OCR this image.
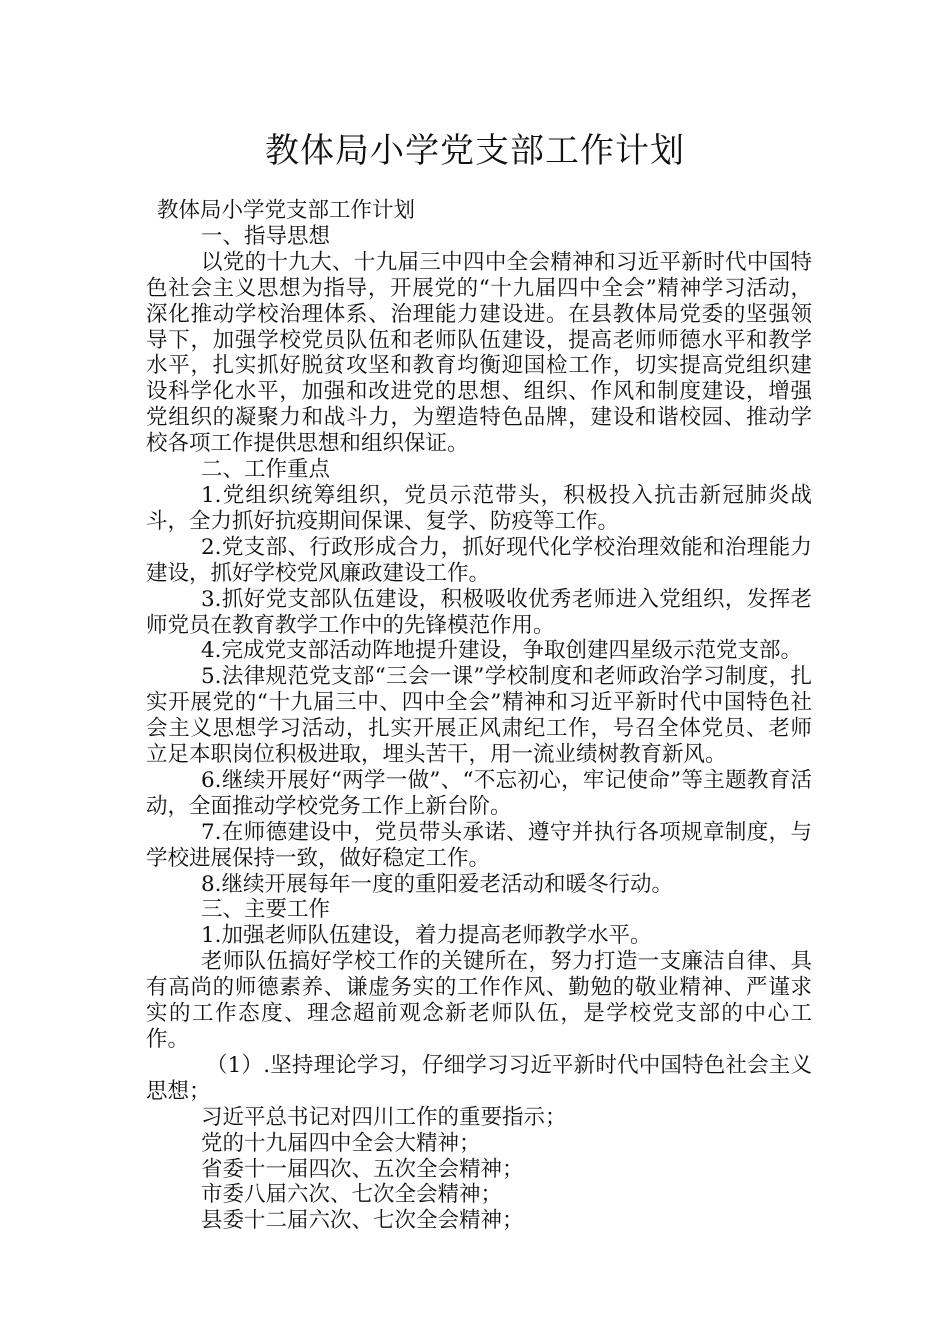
教体局小学党支部工作计划

教体局小学党支部工作计划

一、指导思想

以党的十九大、十九届三中四中全会精神和习近平新时代中国特色社会主义思想为指导，开展党的“十九届四中全会”精神学习活动，深化推动学校治理体系、治理能力建设进。在县教体局党委的坚强领导下，加强学校党员队伍和老师队伍建设，提高老师师德水平和教学水平，扎实抓好脱贫攻坚和教育均衡迎国检工作，切实提高党组织建设科学化水平，加强和改进党的思想、组织、作风和制度建设，增强党组织的凝聚力和战斗力，为塑造特色品牌，建设和谐校园、推动学校各项工作提供思想和组织保证。

二、工作重点

1.党组织统筹组织，党员示范带头，积极投入抗击新冠肺炎战斗，全力抓好抗疫期间保课、复学、防疫等工作。

2.党支部、行政形成合力，抓好现代化学校治理效能和治理能力建设，抓好学校党风廉政建设工作。

3.抓好党支部队伍建设，积极吸收优秀老师进入党组织，发挥老师党员在教育教学工作中的先锋模范作用。

4.完成党支部活动阵地提升建设，争取创建四星级示范党支部。

5.法律规范党支部“三会一课”学校制度和老师政治学习制度，扎实开展党的“十九届三中、四中全会”精神和习近平新时代中国特色社会主义思想学习活动，扎实开展正风肃纪工作，号召全体党员、老师立足本职岗位积极进取，埋头苦干，用一流业绩树教育新风。

6.继续开展好“两学一做”、“不忘初心，牢记使命”等主题教育活动，全面推动学校党务工作上新台阶。

7.在师德建设中，党员带头承诺、遵守并执行各项规章制度，与学校进展保持一致，做好稳定工作。

8.继续开展每年一度的重阳爱老活动和暖冬行动。

三、主要工作

1.加强老师队伍建设，着力提高老师教学水平。

老师队伍搞好学校工作的关键所在，努力打造一支廉洁自律、具有高尚的师德素养、谦虚务实的工作作风、勤勉的敬业精神、严谨求实的工作态度、理念超前观念新老师队伍，是学校党支部的中心工作。

（1）.坚持理论学习，仔细学习习近平新时代中国特色社会主义思想；

习近平总书记对四川工作的重要指示；

党的十九届四中全会大精神；

省委十一届四次、五次全会精神；

市委八届六次、七次全会精神；

县委十二届六次、七次全会精神；
